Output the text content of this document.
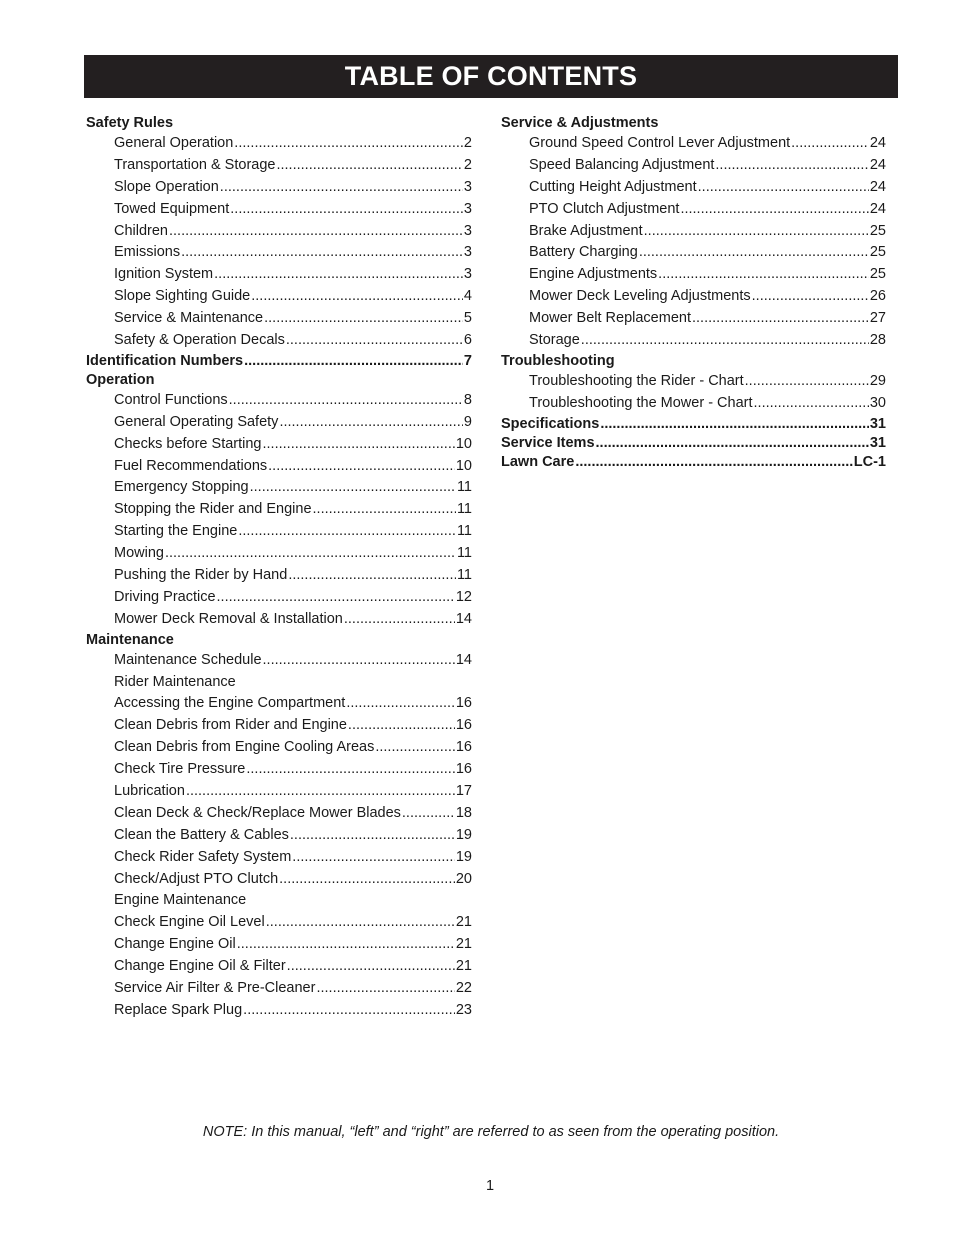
TABLE OF CONTENTS
Safety Rules
General Operation .....	2
Transportation & Storage .....	2
Slope Operation .....	3
Towed Equipment .....	3
Children .....	3
Emissions .....	3
Ignition System .....	3
Slope Sighting Guide .....	4
Service & Maintenance .....	5
Safety & Operation Decals .....	6
Identification Numbers .....	7
Operation
Control Functions .....	8
General Operating Safety .....	9
Checks before Starting .....	10
Fuel Recommendations .....	10
Emergency Stopping .....	11
Stopping the Rider and Engine .....	11
Starting the Engine .....	11
Mowing .....	11
Pushing the Rider by Hand .....	11
Driving Practice .....	12
Mower Deck Removal & Installation .....	14
Maintenance
Maintenance Schedule .....	14
Rider Maintenance
Accessing the Engine Compartment .....	16
Clean Debris from Rider and Engine .....	16
Clean Debris from Engine Cooling Areas .....	16
Check Tire Pressure .....	16
Lubrication .....	17
Clean Deck & Check/Replace Mower Blades .....	18
Clean the Battery & Cables .....	19
Check Rider Safety System .....	19
Check/Adjust PTO Clutch .....	20
Engine Maintenance
Check Engine Oil Level .....	21
Change Engine Oil .....	21
Change Engine Oil & Filter .....	21
Service Air Filter & Pre-Cleaner .....	22
Replace Spark Plug .....	23
Service & Adjustments
Ground Speed Control Lever Adjustment .....	24
Speed Balancing Adjustment .....	24
Cutting Height Adjustment .....	24
PTO Clutch Adjustment .....	24
Brake Adjustment .....	25
Battery Charging .....	25
Engine Adjustments .....	25
Mower Deck Leveling Adjustments .....	26
Mower Belt Replacement .....	27
Storage .....	28
Troubleshooting
Troubleshooting the Rider - Chart .....	29
Troubleshooting the Mower - Chart .....	30
Specifications .....	31
Service Items .....	31
Lawn Care .....	LC-1
NOTE: In this manual, “left” and “right” are referred to as seen from the operating position.
1
